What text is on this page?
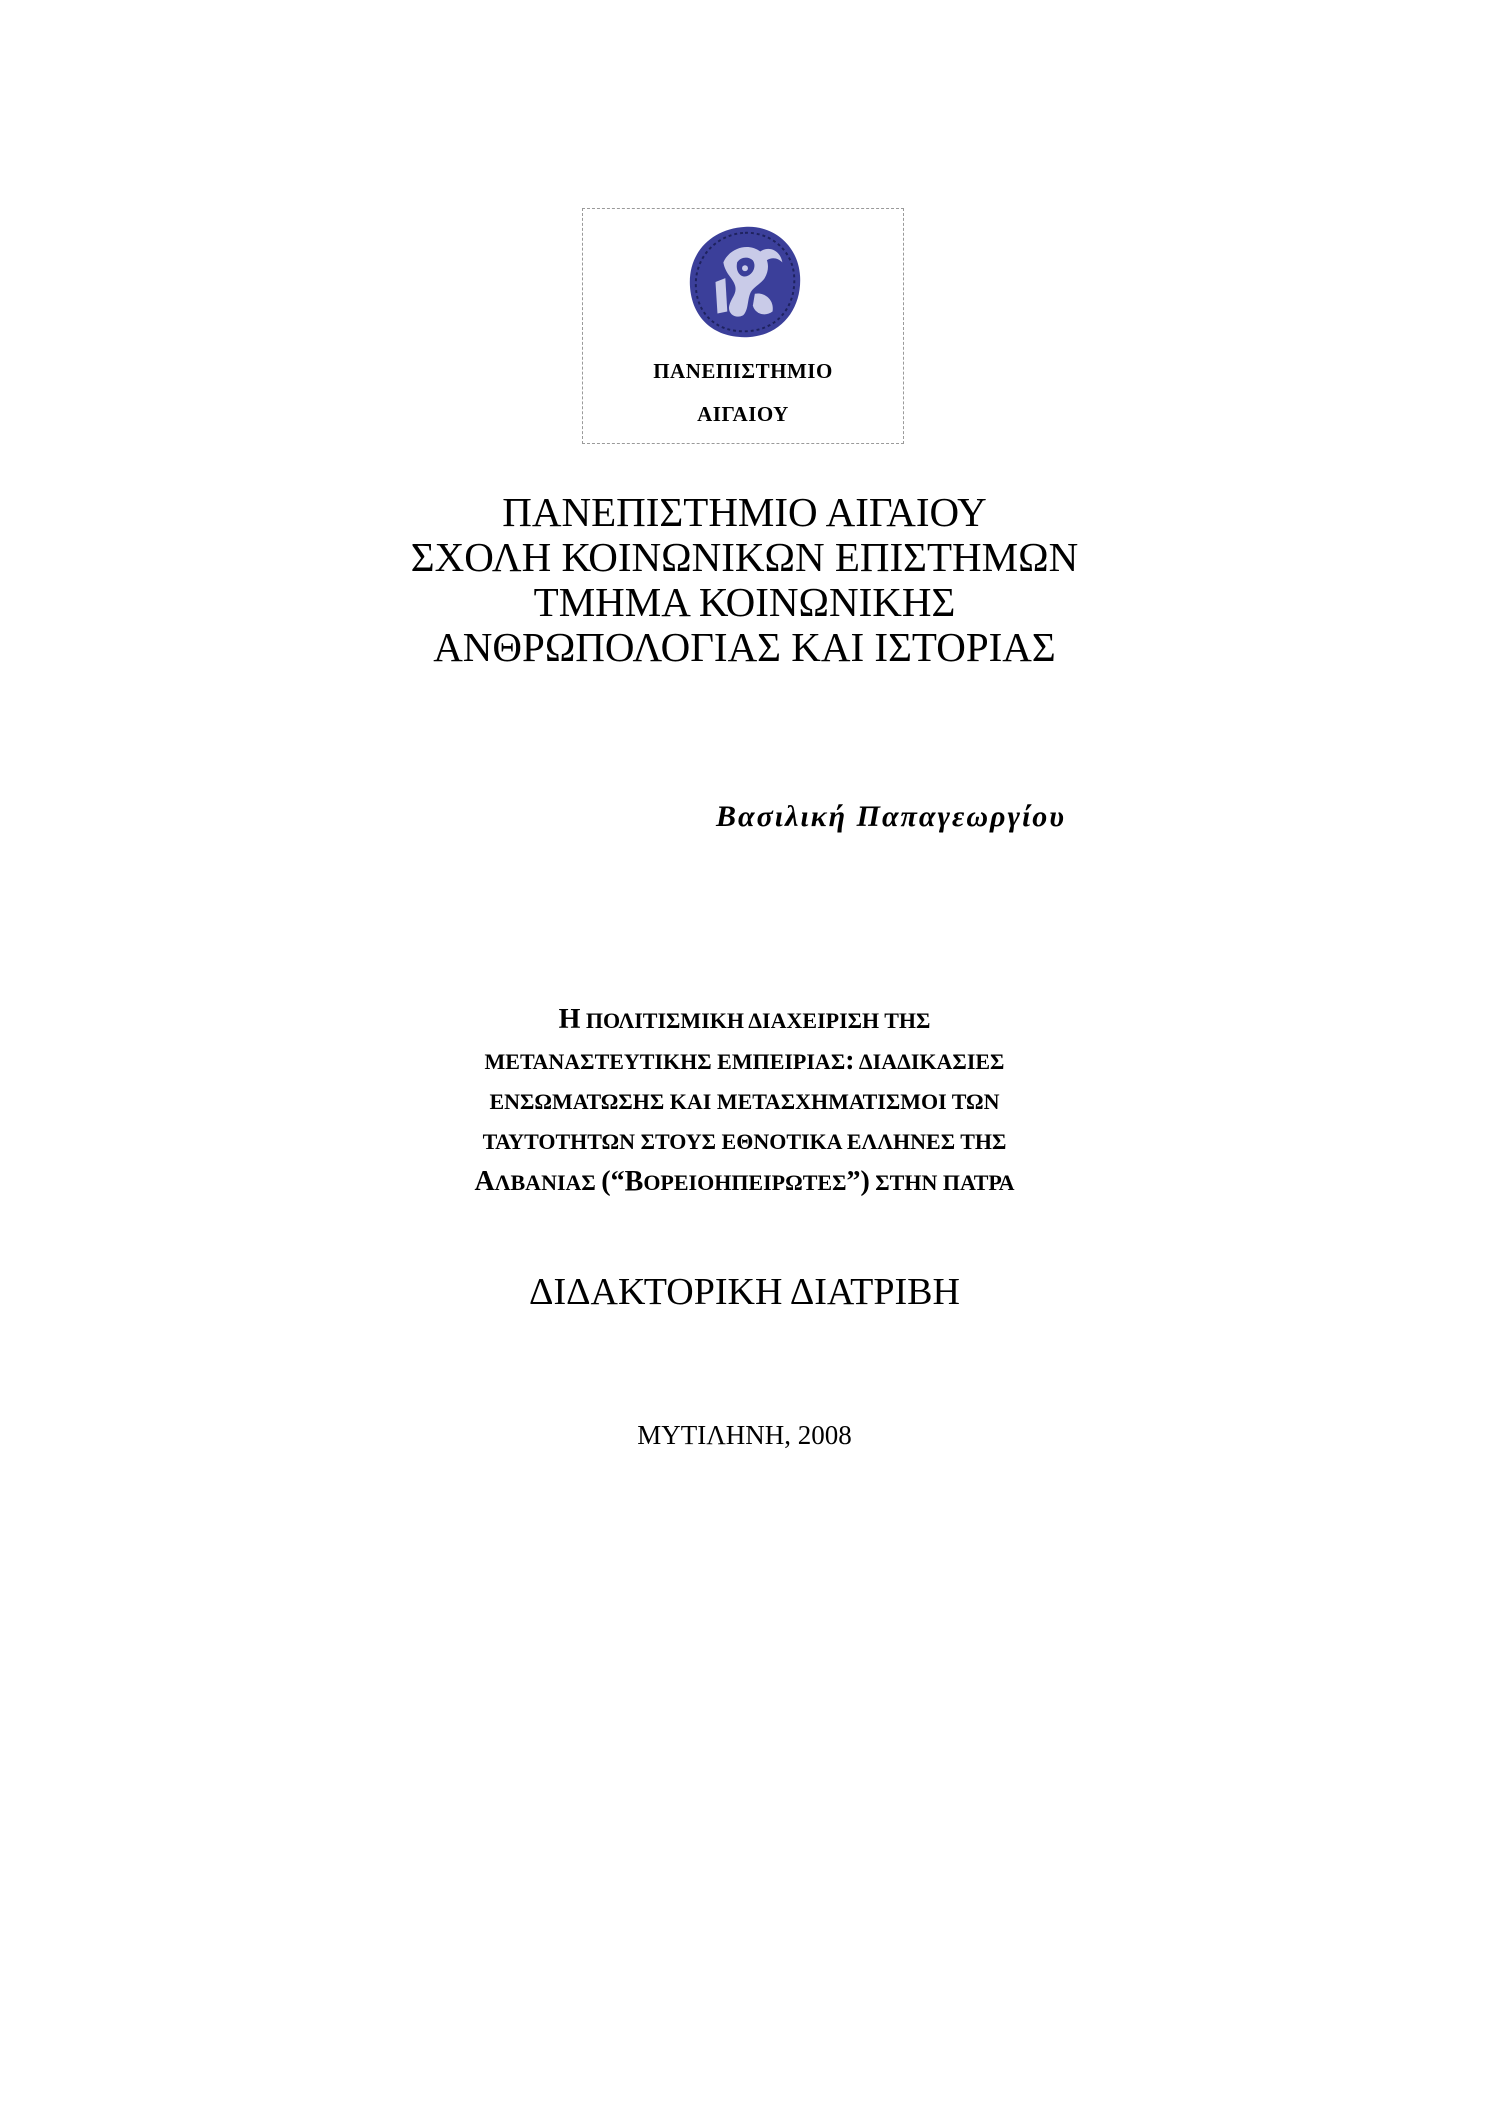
ΠΑΝΕΠΙΣΤΗΜΙΟ
ΑΙΓΑΙΟΥ
ΠΑΝΕΠΙΣΤΗΜΙΟ ΑΙΓΑΙΟΥ
ΣΧΟΛΗ ΚΟΙΝΩΝΙΚΩΝ ΕΠΙΣΤΗΜΩΝ
ΤΜΗΜΑ ΚΟΙΝΩΝΙΚΗΣ
ΑΝΘΡΩΠΟΛΟΓΙΑΣ ΚΑΙ ΙΣΤΟΡΙΑΣ
Βασιλική Παπαγεωργίου
Η ΠΟΛΙΤΙΣΜΙΚΗ ΔΙΑΧΕΙΡΙΣΗ ΤΗΣ
ΜΕΤΑΝΑΣΤΕΥΤΙΚΗΣ ΕΜΠΕΙΡΙΑΣ: ΔΙΑΔΙΚΑΣΙΕΣ
ΕΝΣΩΜΑΤΩΣΗΣ ΚΑΙ ΜΕΤΑΣΧΗΜΑΤΙΣΜΟΙ ΤΩΝ
ΤΑΥΤΟΤΗΤΩΝ ΣΤΟΥΣ ΕΘΝΟΤΙΚΑ ΕΛΛΗΝΕΣ ΤΗΣ
ΑΛΒΑΝΙΑΣ (“ΒΟΡΕΙΟΗΠΕΙΡΩΤΕΣ”) ΣΤΗΝ ΠΑΤΡΑ
ΔΙΔΑΚΤΟΡΙΚΗ ΔΙΑΤΡΙΒΗ
ΜΥΤΙΛΗΝΗ, 2008
